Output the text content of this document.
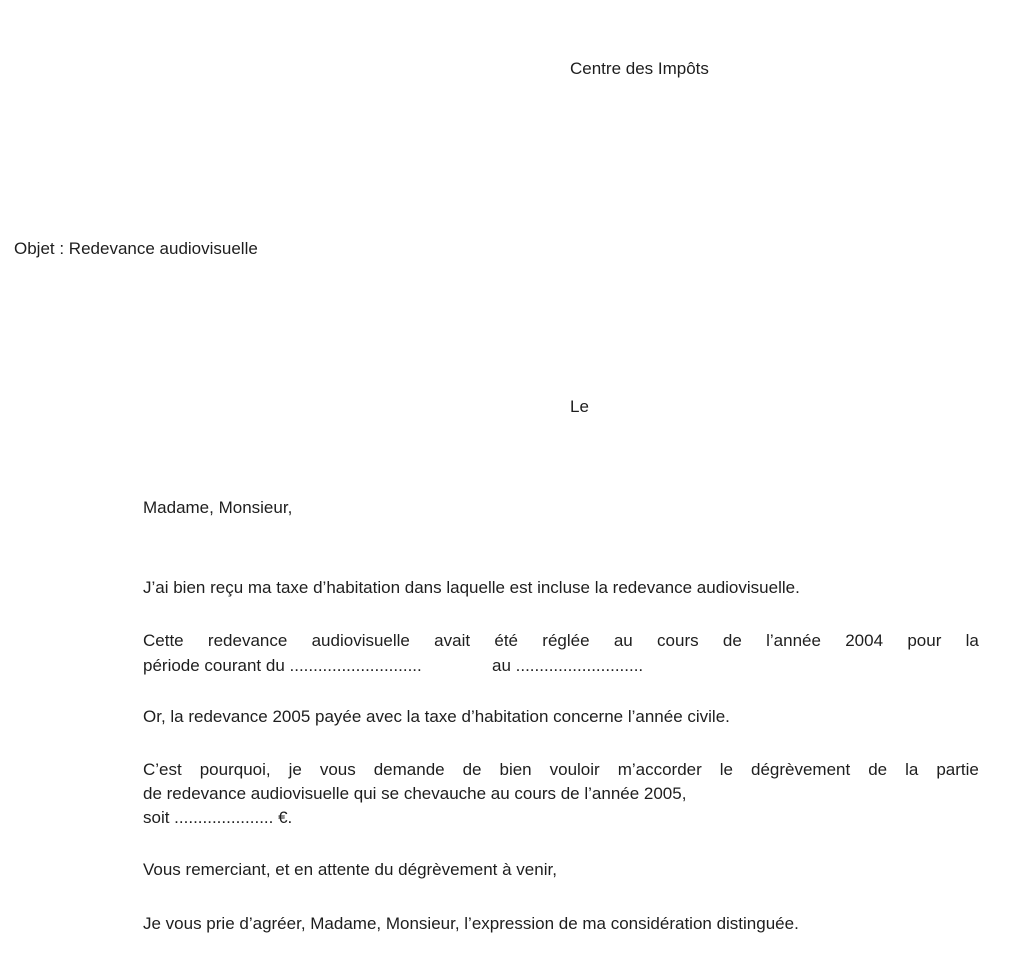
Centre des Impôts
Objet : Redevance audiovisuelle
Le
Madame, Monsieur,
J’ai bien reçu ma taxe d’habitation dans laquelle est incluse la redevance audiovisuelle.
Cette redevance audiovisuelle avait été réglée au cours de l’année 2004 pour la
période courant du ............................	au ...........................
Or, la redevance 2005 payée avec la taxe d’habitation concerne l’année civile.
C’est pourquoi, je vous demande de bien vouloir m’accorder le dégrèvement de la partie
de redevance audiovisuelle qui se chevauche au cours de l’année 2005,
soit ..................... €.
Vous remerciant, et en attente du dégrèvement à venir,
Je vous prie d’agréer, Madame, Monsieur, l’expression de ma considération distinguée.
